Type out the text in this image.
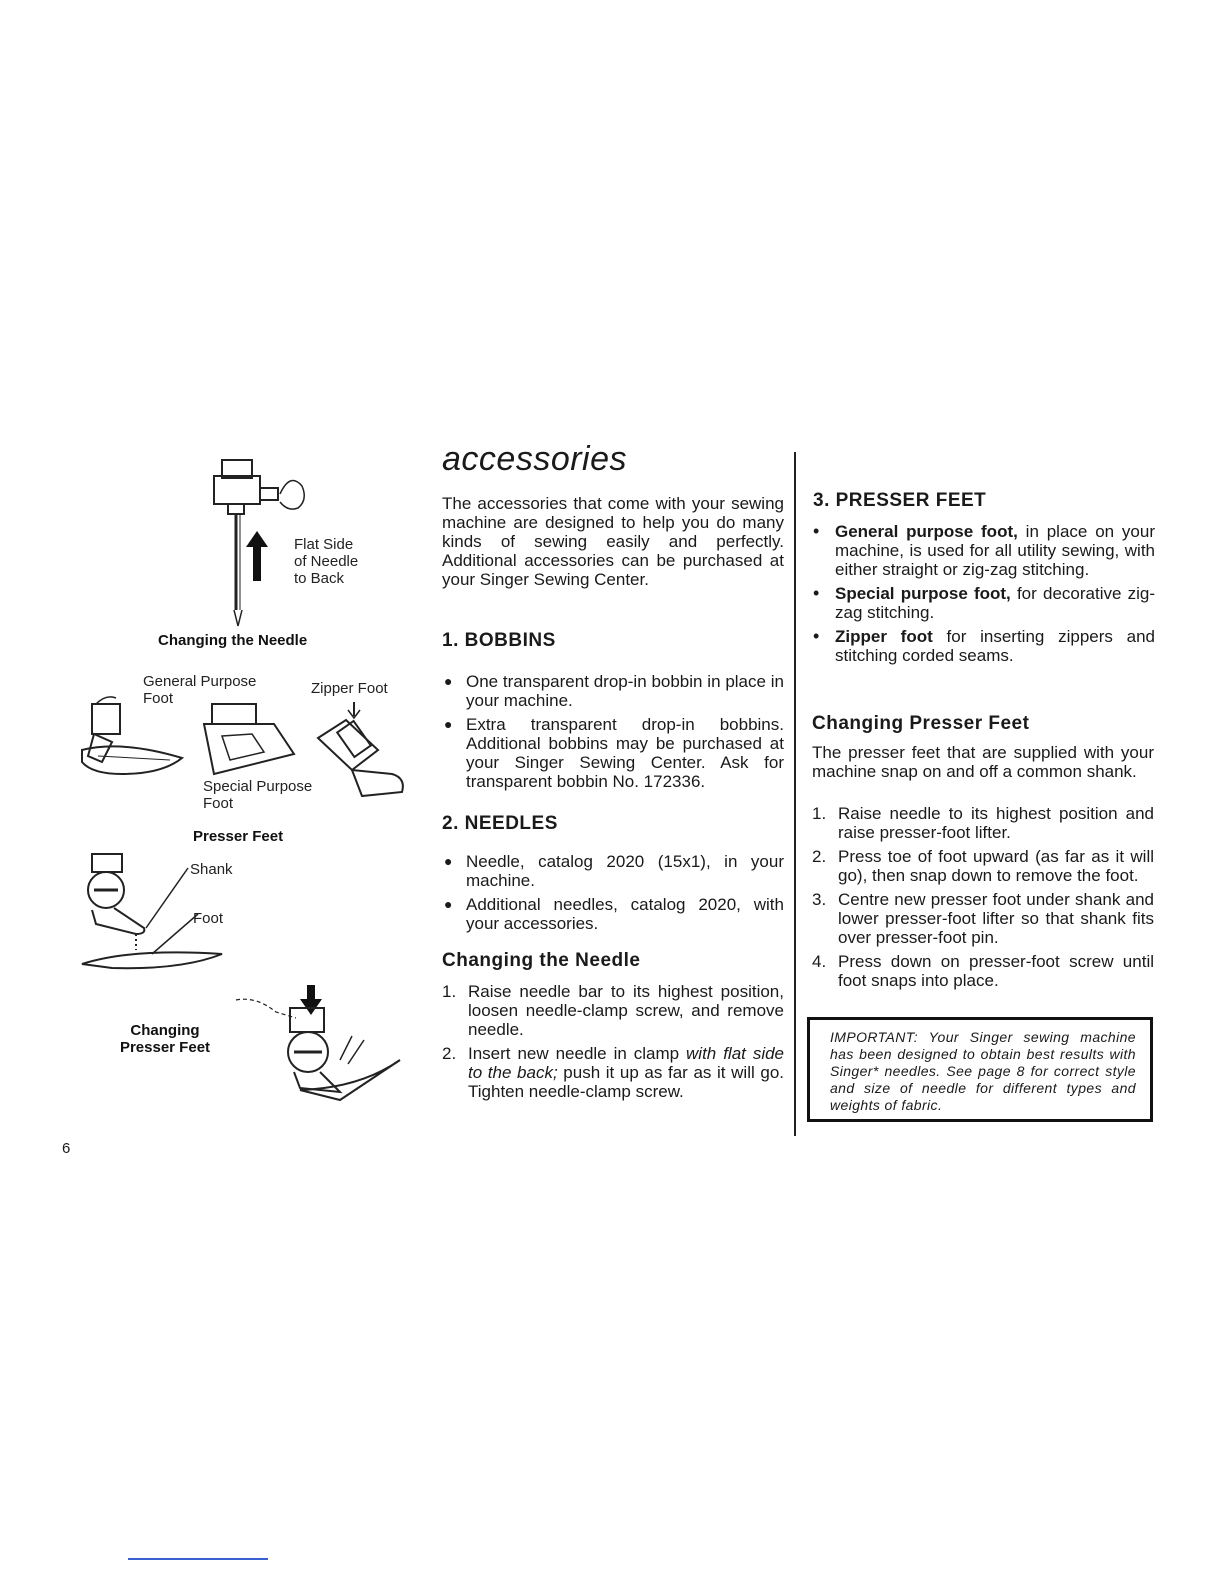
Flat Side
of Needle
to Back
Changing the Needle
General Purpose
Foot
Zipper Foot
Special Purpose
Foot
Presser Feet
Shank
Foot
Changing
Presser Feet
accessories
The accessories that come with your sewing machine are designed to help you do many kinds of sewing easily and perfectly. Additional accessories can be purchased at your Singer Sewing Center.
1. BOBBINS
● One transparent drop-in bobbin in place in your machine.
● Extra transparent drop-in bobbins. Additional bobbins may be purchased at your Singer Sewing Center. Ask for transparent bobbin No. 172336.
2. NEEDLES
● Needle, catalog 2020 (15x1), in your machine.
● Additional needles, catalog 2020, with your accessories.
Changing the Needle
1. Raise needle bar to its highest position, loosen needle-clamp screw, and remove needle.
2. Insert new needle in clamp with flat side to the back; push it up as far as it will go. Tighten needle-clamp screw.
3. PRESSER FEET
• General purpose foot, in place on your machine, is used for all utility sewing, with either straight or zig-zag stitching.
• Special purpose foot, for decorative zig-zag stitching.
• Zipper foot for inserting zippers and stitching corded seams.
Changing Presser Feet
The presser feet that are supplied with your machine snap on and off a common shank.
1. Raise needle to its highest position and raise presser-foot lifter.
2. Press toe of foot upward (as far as it will go), then snap down to remove the foot.
3. Centre new presser foot under shank and lower presser-foot lifter so that shank fits over presser-foot pin.
4. Press down on presser-foot screw until foot snaps into place.
IMPORTANT: Your Singer sewing machine has been designed to obtain best results with Singer* needles. See page 8 for correct style and size of needle for different types and weights of fabric.
6
